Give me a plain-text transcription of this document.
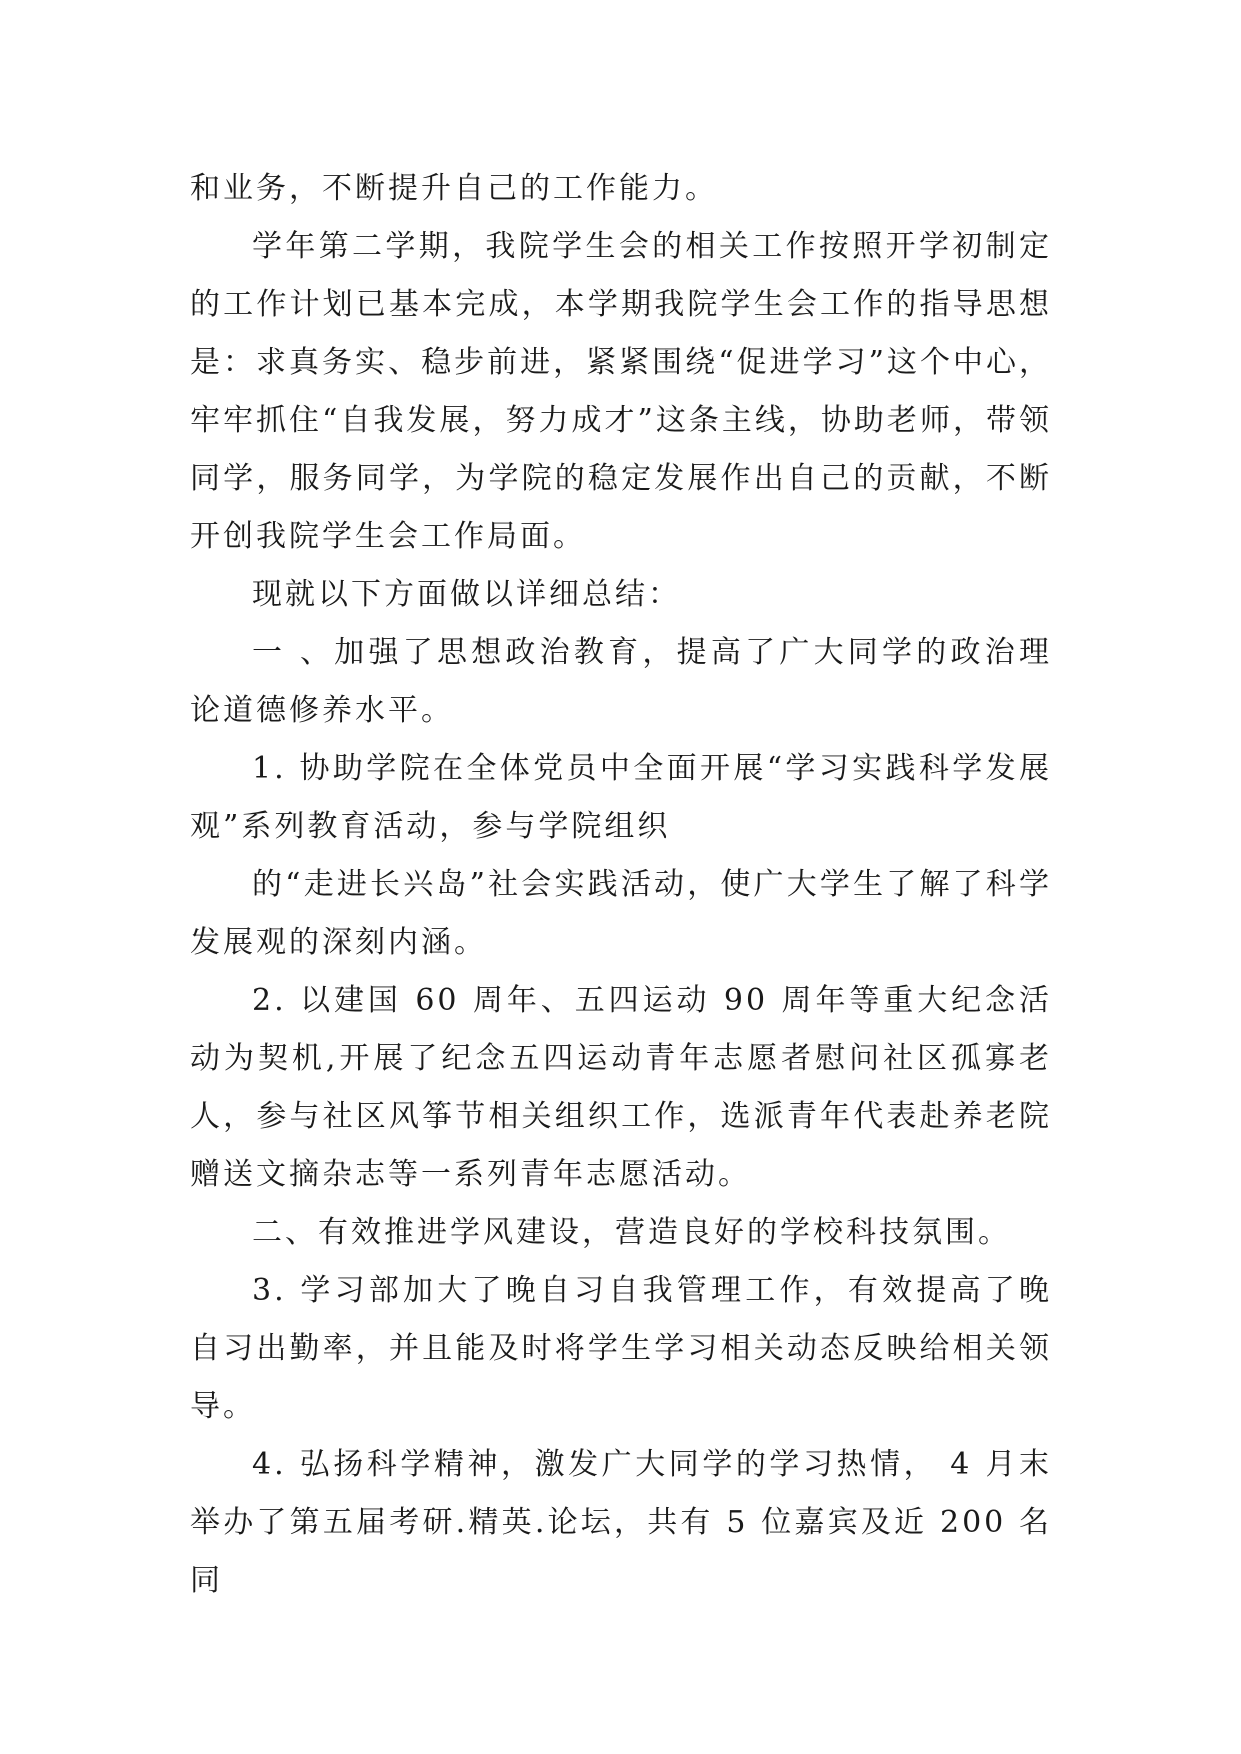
和业务，不断提升自己的工作能力。

学年第二学期，我院学生会的相关工作按照开学初制定的工作计划已基本完成，本学期我院学生会工作的指导思想是：求真务实、稳步前进，紧紧围绕“促进学习”这个中心，牢牢抓住“自我发展，努力成才”这条主线，协助老师，带领同学，服务同学，为学院的稳定发展作出自己的贡献，不断开创我院学生会工作局面。

现就以下方面做以详细总结：

一 、加强了思想政治教育，提高了广大同学的政治理论道德修养水平。

1. 协助学院在全体党员中全面开展“学习实践科学发展观”系列教育活动，参与学院组织

的“走进长兴岛”社会实践活动，使广大学生了解了科学发展观的深刻内涵。

2. 以建国 60 周年、五四运动 90 周年等重大纪念活动为契机,开展了纪念五四运动青年志愿者慰问社区孤寡老人，参与社区风筝节相关组织工作，选派青年代表赴养老院赠送文摘杂志等一系列青年志愿活动。

二、有效推进学风建设，营造良好的学校科技氛围。

3. 学习部加大了晚自习自我管理工作，有效提高了晚自习出勤率，并且能及时将学生学习相关动态反映给相关领导。

4. 弘扬科学精神，激发广大同学的学习热情， 4 月末举办了第五届考研.精英.论坛，共有 5 位嘉宾及近 200 名同
